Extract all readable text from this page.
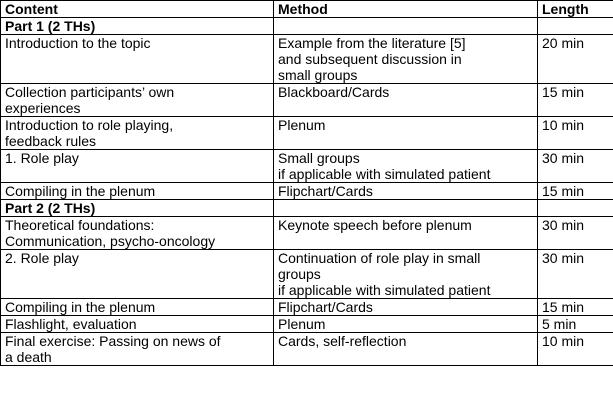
Content	Method	Length
Part 1 (2 THs)		
Introduction to the topic	Example from the literature [5]
and subsequent discussion in
small groups	20 min
Collection participants’ own
experiences	Blackboard/Cards	15 min
Introduction to role playing,
feedback rules	Plenum	10 min
1. Role play	Small groups
if applicable with simulated patient	30 min
Compiling in the plenum	Flipchart/Cards	15 min
Part 2 (2 THs)		
Theoretical foundations:
Communication, psycho-oncology	Keynote speech before plenum	30 min
2. Role play	Continuation of role play in small
groups
if applicable with simulated patient	30 min
Compiling in the plenum	Flipchart/Cards	15 min
Flashlight, evaluation	Plenum	5 min
Final exercise: Passing on news of
a death	Cards, self-reflection	10 min
